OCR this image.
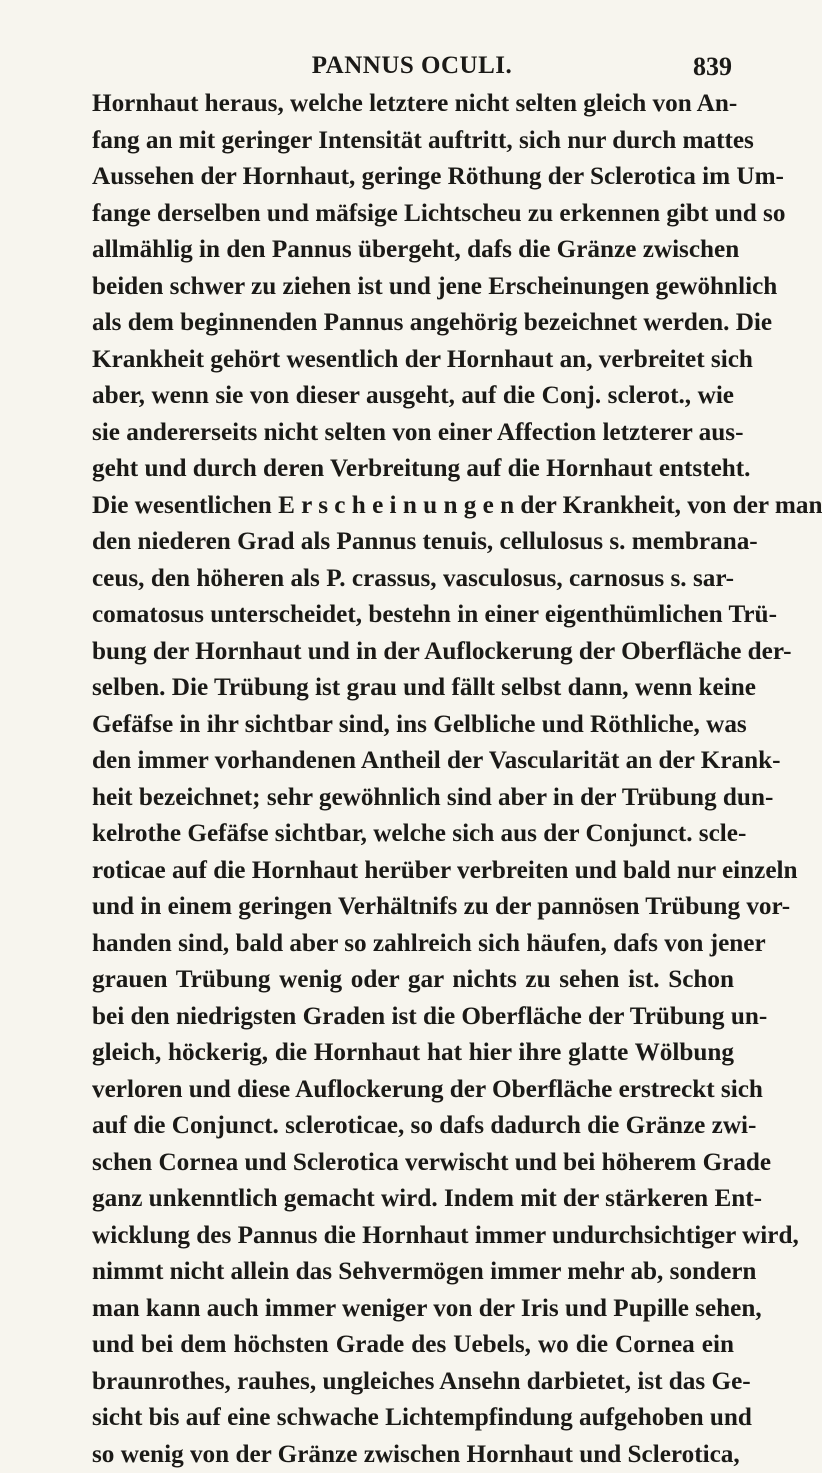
PANNUS OCULI.	839
Hornhaut heraus, welche letztere nicht selten gleich von An-
fang an mit geringer Intensität auftritt, sich nur durch mattes
Aussehen der Hornhaut, geringe Röthung der Sclerotica im Um-
fange derselben und mäfsige Lichtscheu zu erkennen gibt und so
allmählig in den Pannus übergeht, dafs die Gränze zwischen
beiden schwer zu ziehen ist und jene Erscheinungen gewöhnlich
als dem beginnenden Pannus angehörig bezeichnet werden. Die
Krankheit gehört wesentlich der Hornhaut an, verbreitet sich
aber, wenn sie von dieser ausgeht, auf die Conj. sclerot., wie
sie andererseits nicht selten von einer Affection letzterer aus-
geht und durch deren Verbreitung auf die Hornhaut entsteht.
Die wesentlichen E r s c h e i n u n g e n der Krankheit, von der man
den niederen Grad als Pannus tenuis, cellulosus s. membrana-
ceus, den höheren als P. crassus, vasculosus, carnosus s. sar-
comatosus unterscheidet, bestehn in einer eigenthümlichen Trü-
bung der Hornhaut und in der Auflockerung der Oberfläche der-
selben. Die Trübung ist grau und fällt selbst dann, wenn keine
Gefäfse in ihr sichtbar sind, ins Gelbliche und Röthliche, was
den immer vorhandenen Antheil der Vascularität an der Krank-
heit bezeichnet; sehr gewöhnlich sind aber in der Trübung dun-
kelrothe Gefäfse sichtbar, welche sich aus der Conjunct. scle-
roticae auf die Hornhaut herüber verbreiten und bald nur einzeln
und in einem geringen Verhältnifs zu der pannösen Trübung vor-
handen sind, bald aber so zahlreich sich häufen, dafs von jener
grauen Trübung wenig oder gar nichts zu sehen ist. Schon
bei den niedrigsten Graden ist die Oberfläche der Trübung un-
gleich, höckerig, die Hornhaut hat hier ihre glatte Wölbung
verloren und diese Auflockerung der Oberfläche erstreckt sich
auf die Conjunct. scleroticae, so dafs dadurch die Gränze zwi-
schen Cornea und Sclerotica verwischt und bei höherem Grade
ganz unkenntlich gemacht wird. Indem mit der stärkeren Ent-
wicklung des Pannus die Hornhaut immer undurchsichtiger wird,
nimmt nicht allein das Sehvermögen immer mehr ab, sondern
man kann auch immer weniger von der Iris und Pupille sehen,
und bei dem höchsten Grade des Uebels, wo die Cornea ein
braunrothes, rauhes, ungleiches Ansehn darbietet, ist das Ge-
sicht bis auf eine schwache Lichtempfindung aufgehoben und
so wenig von der Gränze zwischen Hornhaut und Sclerotica,
